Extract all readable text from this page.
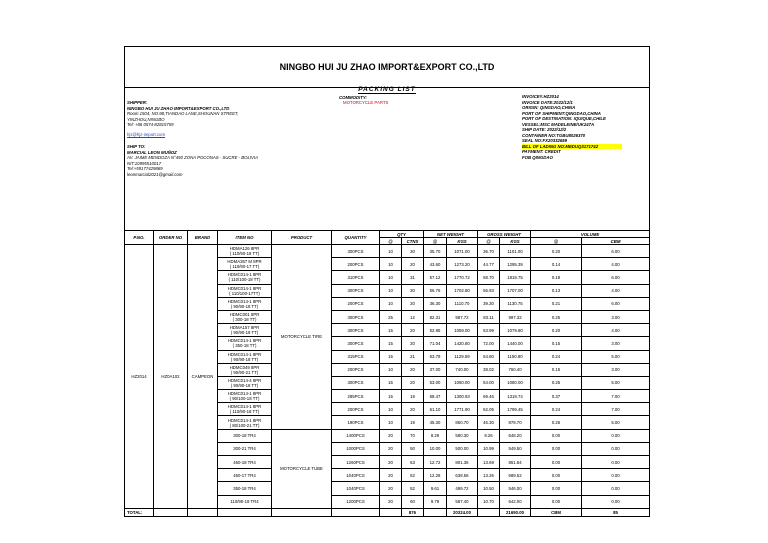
NINGBO HUI JU ZHAO IMPORT&EXPORT CO.,LTD
PACKING LIST
COMMODITY:
MOTORCYCLE PARTS
SHIPPER:
NINGBO HUI JU ZHAO IMPORT&EXPORT CO.,LTD
Room 1504, NO.98,TIANDAO LANE,SHOUNAN STREET,
YINZHOU,NINGBO
Tel: +86 0574-82815759
hjz@hjz-import.com
SHIP TO:
MARCIAL LEON MUÑOZ
AV. JAIME MENDOZA N°450 ZONA POCONAS - SUCRE - BOLIVIA
NIT:10995510017
Tel:+59177429869
leonmarcial2021@gmail.com
INVOICE#:HZ2014
INVOICE DATE:2022/12/1
ORIGIN: QINGDAO,CHINA
PORT OF SHIPMENT:QINGDAO,CHINA
PORT OF DESTINATION: IQUIQUE,CHILE
VESSEL:MSC MADELEINE/UK247A
SHIP DATE: 2022/12/2
CONTAINER NO:TGBU8026370
SEAL NO:FX20332659
BILL OF LADING NO:MEDUQ3171742
PAYMENT: CREDIT
FOB QINGDAO
P.NO.	ORDER NO	BRAND	ITEM NO	PRODUCT	QUANTITY	QTY		NET WEIGHT		GROSS WEIGHT		VOLUME	
						@	CTNS	@	KGS	@	KGS	@	CBM
HZ2014	HZ0A102	CAMPEON	HDMA126 8PR
( 110/90-18 TT)	MOTORCYCLE TIRE	300PCS	10	30	35.70	1071.00	36.70	1101.00	0.20	6.00

			HDMA357 M 8PR
( 110/90-17 TT)		200PCS	10	20	43.60	1273.20	44.77	1295.39	0.14	4.00

			HDMC014-1 8PR
( 110/100-18 TT)		310PCS	10	31	57.12	1770.72	58.70	1819.75	0.19	6.00

			HDMC014-1 8PR
( 110/100-17TT)		300PCS	10	30	56.76	1702.80	56.93	1707.00	0.13	4.00

			HDMC014-1 8PR
( 90/90-18 TT)		200PCS	10	20	36.30	1110.70	39.30	1130.75	0.21	6.00

			HDMC001 8PR
( 300-18 TT)		300PCS	25	12	82.31	987.72	83.11	997.32	0.25	3.00

			HDMA157 8PR
( 90/90-19 TT)		300PCS	15	20	52.95	1059.00	53.99	1079.80	0.20	4.00

			HDMC014-1 8PR
( 350-18 TT)		300PCS	15	20	71.04	1420.80	72.00	1440.00	0.15	3.00

			HDMC014-1 8PR
( 90/90-18 TT)		315PCS	15	21	53.79	1129.59	54.80	1150.80	0.24	5.00

			HDMC049 8PR
( 90/90-21 TT)		200PCS	10	20	37.00	740.00	38.02	760.40	0.15	3.00

			HDMC014-4 8PR
( 90/90-18 TT)		300PCS	15	20	53.00	1060.00	54.00	1080.00	0.25	5.00

			HDMC014-1 8PR
( 90/100-18 TT)		285PCS	15	19	68.47	1300.93	69.46	1319.74	0.37	7.00

			HDMC014-1 8PR
( 110/90-18 TT)		200PCS	10	20	61.10	1771.90	62.05	1799.45	0.24	7.00

			HDMC014-1 8PR
( 80/100-21 TT)		190PCS	10	19	45.30	860.70	46.30	879.70	0.26	5.00

			300-18 TR4	MOTORCYCLE TUBE	1400PCS	20	70	8.29	580.30	9.26	648.20	0.00	0.00

			300-21 TR4		1000PCS	20	50	10.00	500.00	10.99	549.50	0.00	0.00

			460-18 TR4		1260PCS	20	63	12.72	801.36	13.69	861.84	0.00	0.00

			460-17 TR4		1040PCS	20	52	12.28	638.56	13.26	689.52	0.00	0.00

			350-18 TR4		1040PCS	20	52	9.61	499.72	10.50	546.00	0.00	0.00

			110/90-19 TR4		1200PCS	20	60	9.79	587.40	10.70	642.00	0.00	0.00
TOTAL:							876		20324.00		21650.00	CBM	85
